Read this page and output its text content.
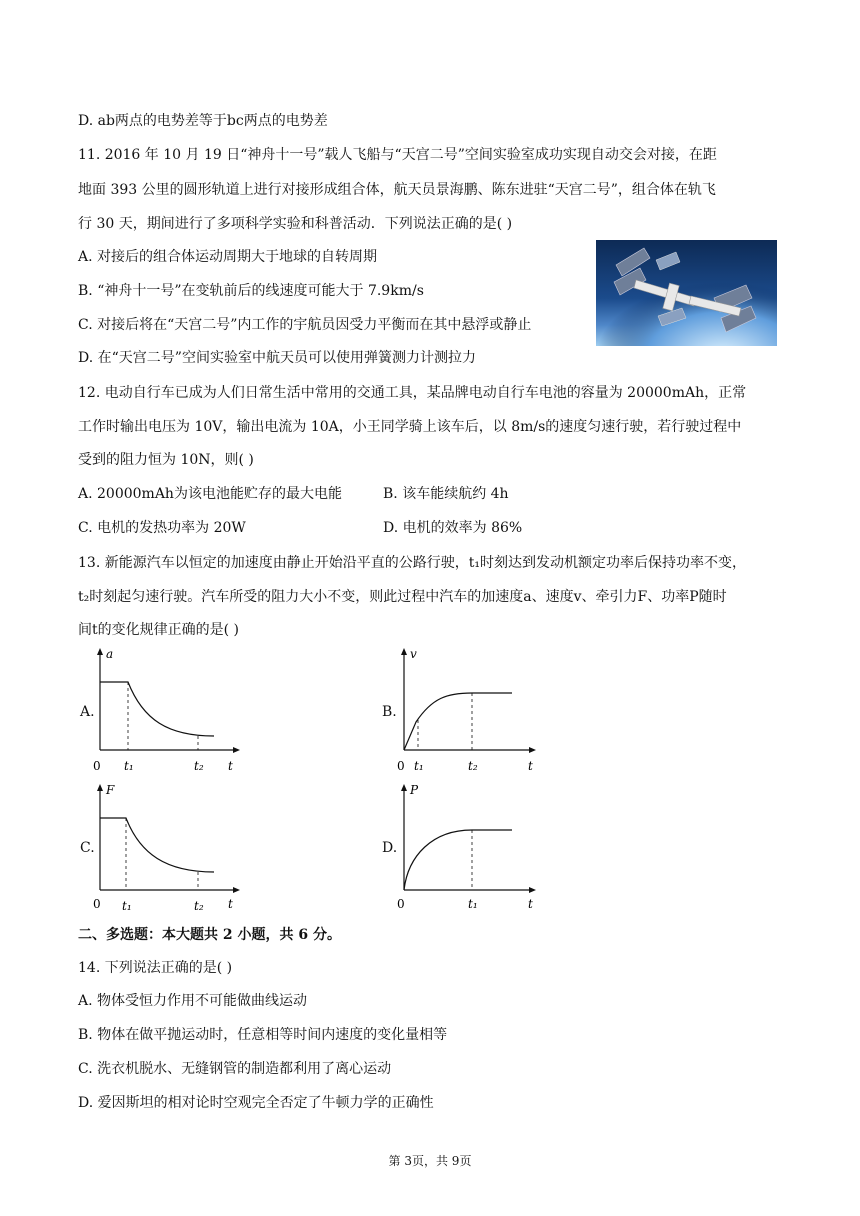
D. ab两点的电势差等于bc两点的电势差
11. 2016 年 10 月 19 日“神舟十一号”载人飞船与“天宫二号”空间实验室成功实现自动交会对接，在距
地面 393 公里的圆形轨道上进行对接形成组合体，航天员景海鹏、陈东进驻“天宫二号”，组合体在轨飞
行 30 天，期间进行了多项科学实验和科普活动．下列说法正确的是( )
A. 对接后的组合体运动周期大于地球的自转周期
B. “神舟十一号”在变轨前后的线速度可能大于 7.9km/s
C. 对接后将在“天宫二号”内工作的宇航员因受力平衡而在其中悬浮或静止
D. 在“天宫二号”空间实验室中航天员可以使用弹簧测力计测拉力
12. 电动自行车已成为人们日常生活中常用的交通工具，某品牌电动自行车电池的容量为 20000mAh，正常
工作时输出电压为 10V，输出电流为 10A，小王同学骑上该车后，以 8m/s的速度匀速行驶，若行驶过程中
受到的阻力恒为 10N，则( )
A. 20000mAh为该电池能贮存的最大电能	B. 该车能续航约 4h
C. 电机的发热功率为 20W	D. 电机的效率为 86%
13. 新能源汽车以恒定的加速度由静止开始沿平直的公路行驶，t₁时刻达到发动机额定功率后保持功率不变，
t₂时刻起匀速行驶。汽车所受的阻力大小不变，则此过程中汽车的加速度a、速度v、牵引力F、功率P随时
间t的变化规律正确的是( )
A.
a
t
0 t₁	t₂
B.
v
t
0 t₁	t₂
C.
F
t
0 t₁	t₂
D.
P
t
0	t₁
二、多选题：本大题共 2 小题，共 6 分。
14. 下列说法正确的是( )
A. 物体受恒力作用不可能做曲线运动
B. 物体在做平抛运动时，任意相等时间内速度的变化量相等
C. 洗衣机脱水、无缝钢管的制造都利用了离心运动
D. 爱因斯坦的相对论时空观完全否定了牛顿力学的正确性
第 3页，共 9页
